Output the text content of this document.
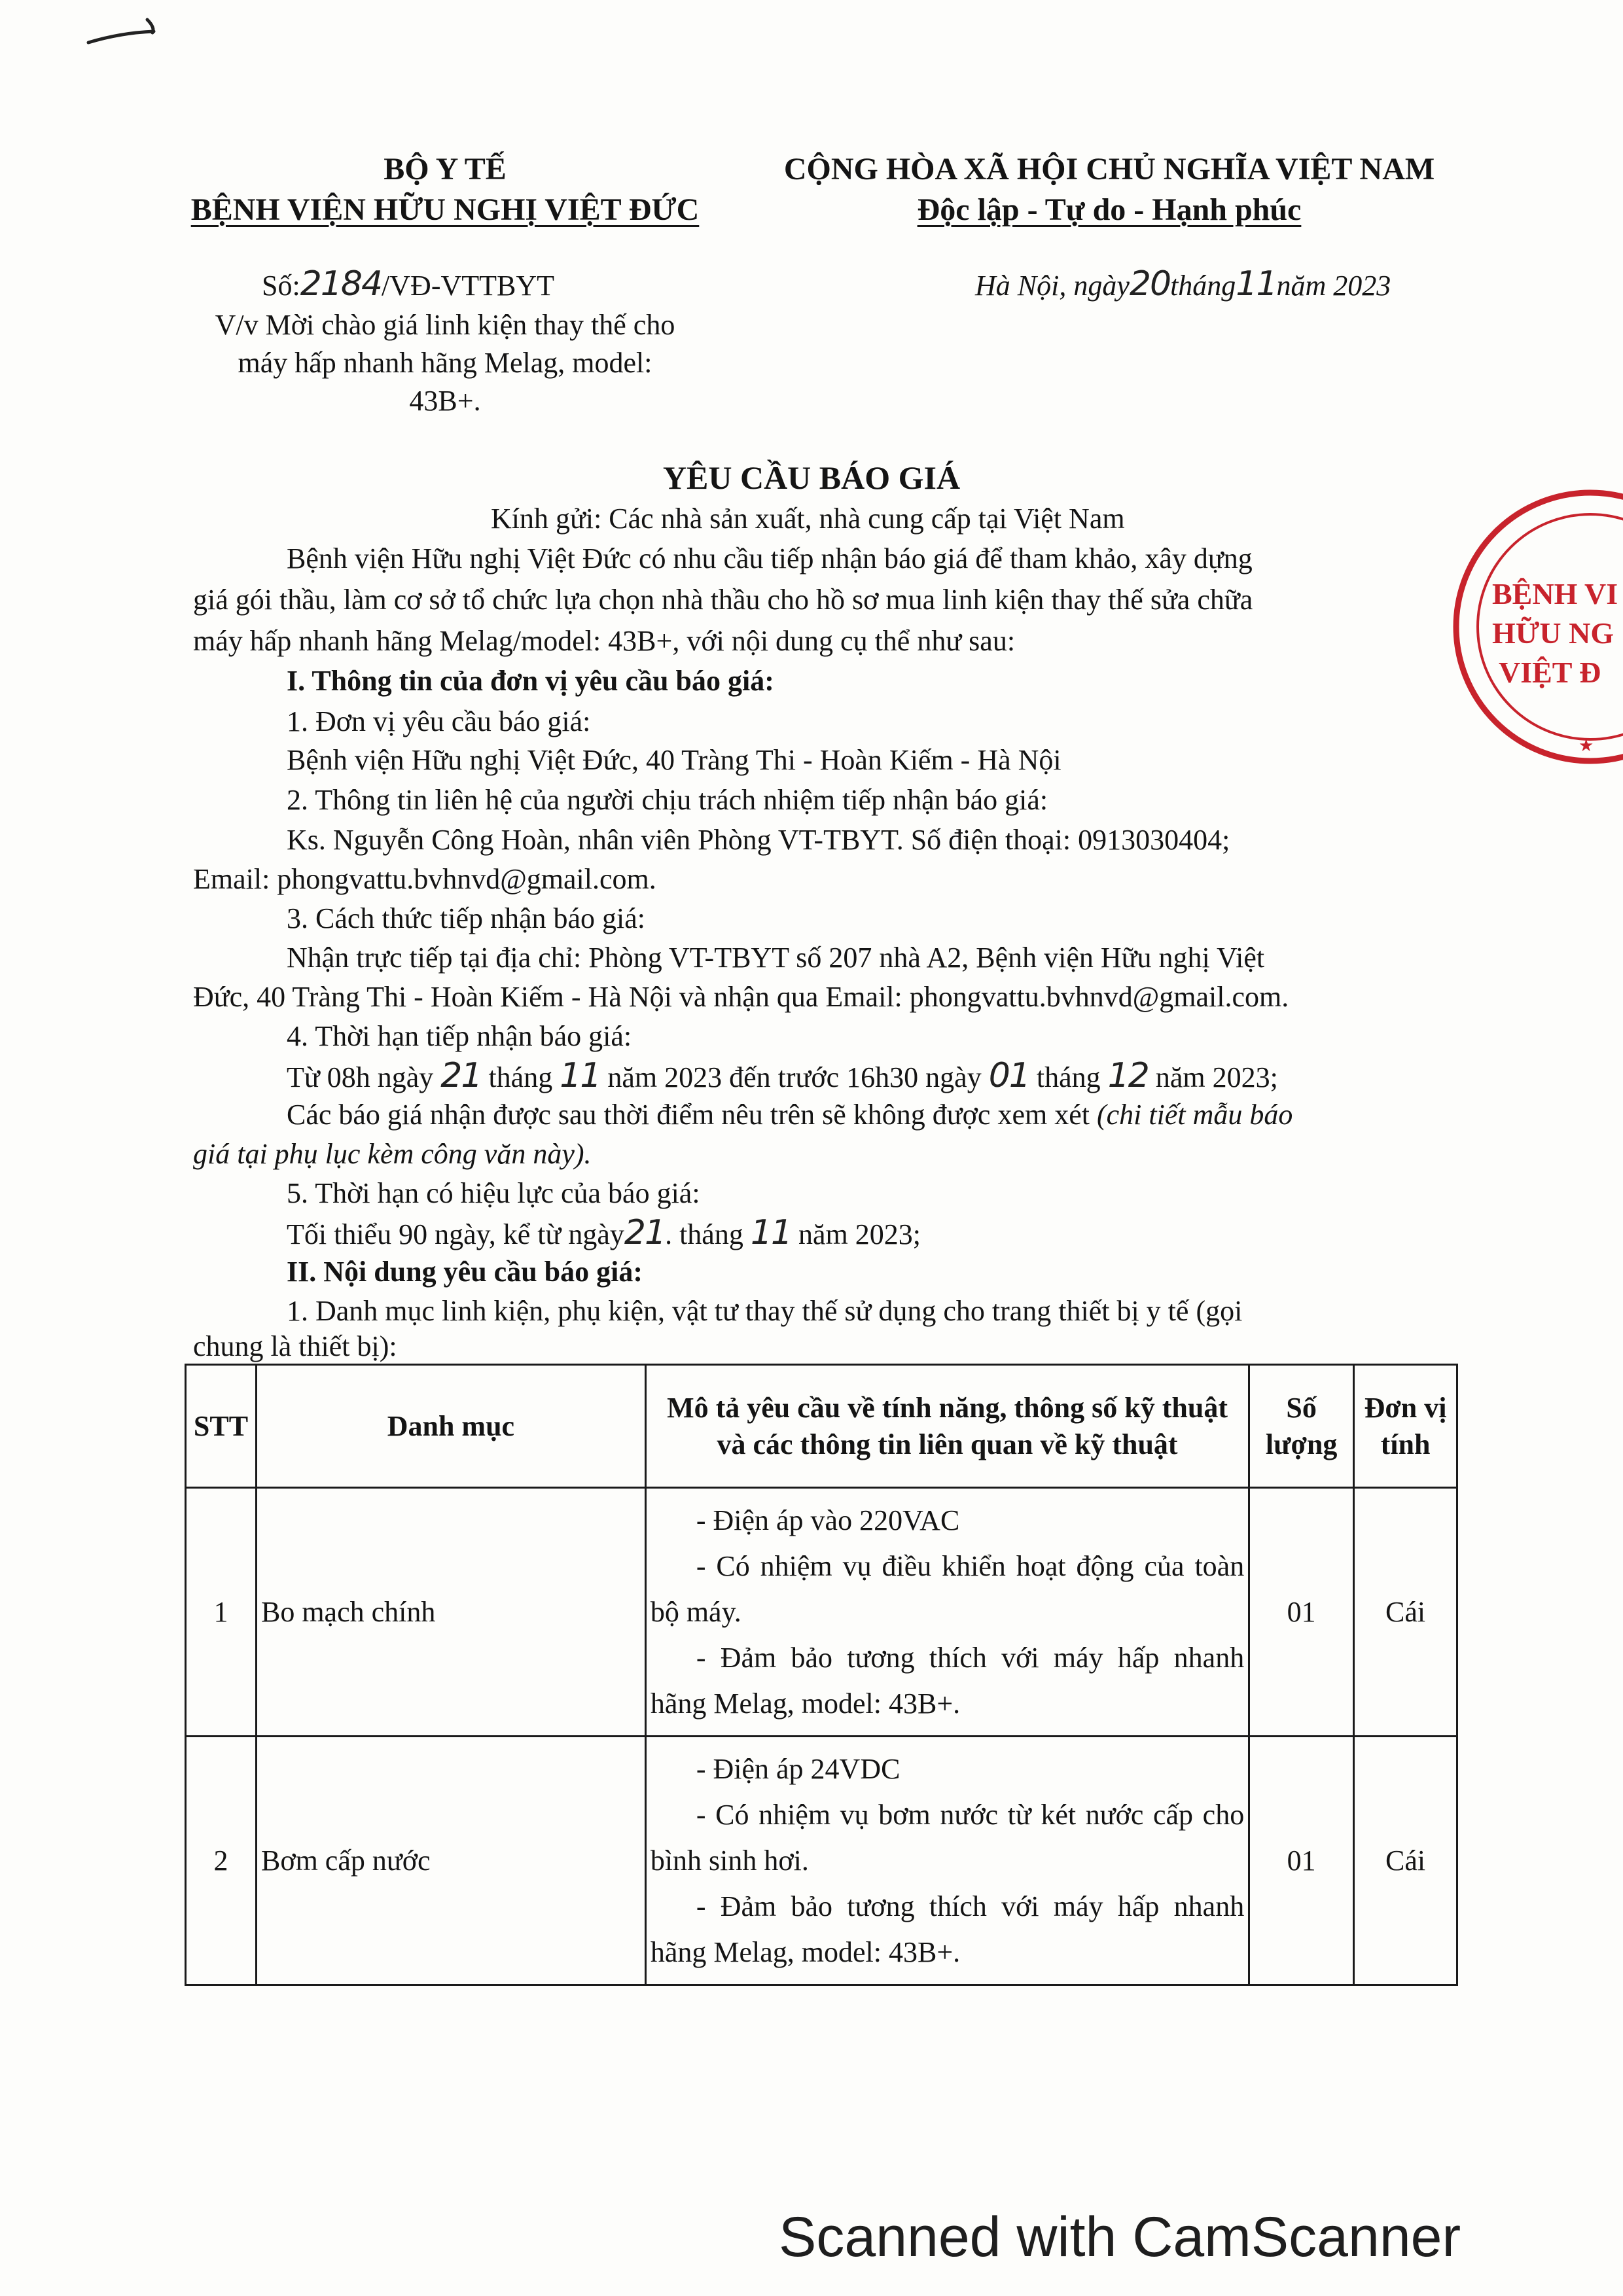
BỘ Y TẾ
BỆNH VIỆN HỮU NGHỊ VIỆT ĐỨC
CỘNG HÒA XÃ HỘI CHỦ NGHĨA VIỆT NAM
Độc lập - Tự do - Hạnh phúc
Số:2184/VĐ-VTTBYT
V/v Mời chào giá linh kiện thay thế cho
máy hấp nhanh hãng Melag, model:
43B+.
Hà Nội, ngày20tháng11năm 2023
YÊU CẦU BÁO GIÁ
Kính gửi: Các nhà sản xuất, nhà cung cấp tại Việt Nam
Bệnh viện Hữu nghị Việt Đức có nhu cầu tiếp nhận báo giá để tham khảo, xây dựng
giá gói thầu, làm cơ sở tổ chức lựa chọn nhà thầu cho hồ sơ mua linh kiện thay thế sửa chữa
máy hấp nhanh hãng Melag/model: 43B+, với nội dung cụ thể như sau:
I. Thông tin của đơn vị yêu cầu báo giá:
1. Đơn vị yêu cầu báo giá:
Bệnh viện Hữu nghị Việt Đức, 40 Tràng Thi - Hoàn Kiếm - Hà Nội
2. Thông tin liên hệ của người chịu trách nhiệm tiếp nhận báo giá:
Ks. Nguyễn Công Hoàn, nhân viên Phòng VT-TBYT. Số điện thoại: 0913030404;
Email: phongvattu.bvhnvd@gmail.com.
3. Cách thức tiếp nhận báo giá:
Nhận trực tiếp tại địa chỉ: Phòng VT-TBYT số 207 nhà A2, Bệnh viện Hữu nghị Việt
Đức, 40 Tràng Thi - Hoàn Kiếm - Hà Nội và nhận qua Email: phongvattu.bvhnvd@gmail.com.
4. Thời hạn tiếp nhận báo giá:
Từ 08h ngày 21 tháng 11 năm 2023 đến trước 16h30 ngày 01 tháng 12 năm 2023;
Các báo giá nhận được sau thời điểm nêu trên sẽ không được xem xét (chi tiết mẫu báo
giá tại phụ lục kèm công văn này).
5. Thời hạn có hiệu lực của báo giá:
Tối thiểu 90 ngày, kể từ ngày21. tháng 11 năm 2023;
II. Nội dung yêu cầu báo giá:
1. Danh mục linh kiện, phụ kiện, vật tư thay thế sử dụng cho trang thiết bị y tế (gọi
chung là thiết bị):
STT	Danh mục	Mô tả yêu cầu về tính năng, thông số kỹ thuật và các thông tin liên quan về kỹ thuật	Số lượng	Đơn vị tính
1	Bo mạch chính	- Điện áp vào 220VAC
- Có nhiệm vụ điều khiển hoạt động của toàn bộ máy.
- Đảm bảo tương thích với máy hấp nhanh hãng Melag, model: 43B+.	01	Cái
2	Bơm cấp nước	- Điện áp 24VDC
- Có nhiệm vụ bơm nước từ két nước cấp cho bình sinh hơi.
- Đảm bảo tương thích với máy hấp nhanh hãng Melag, model: 43B+.	01	Cái
BỆNH VI
HỮU NG
VIỆT Đ
★
Scanned with CamScanner
